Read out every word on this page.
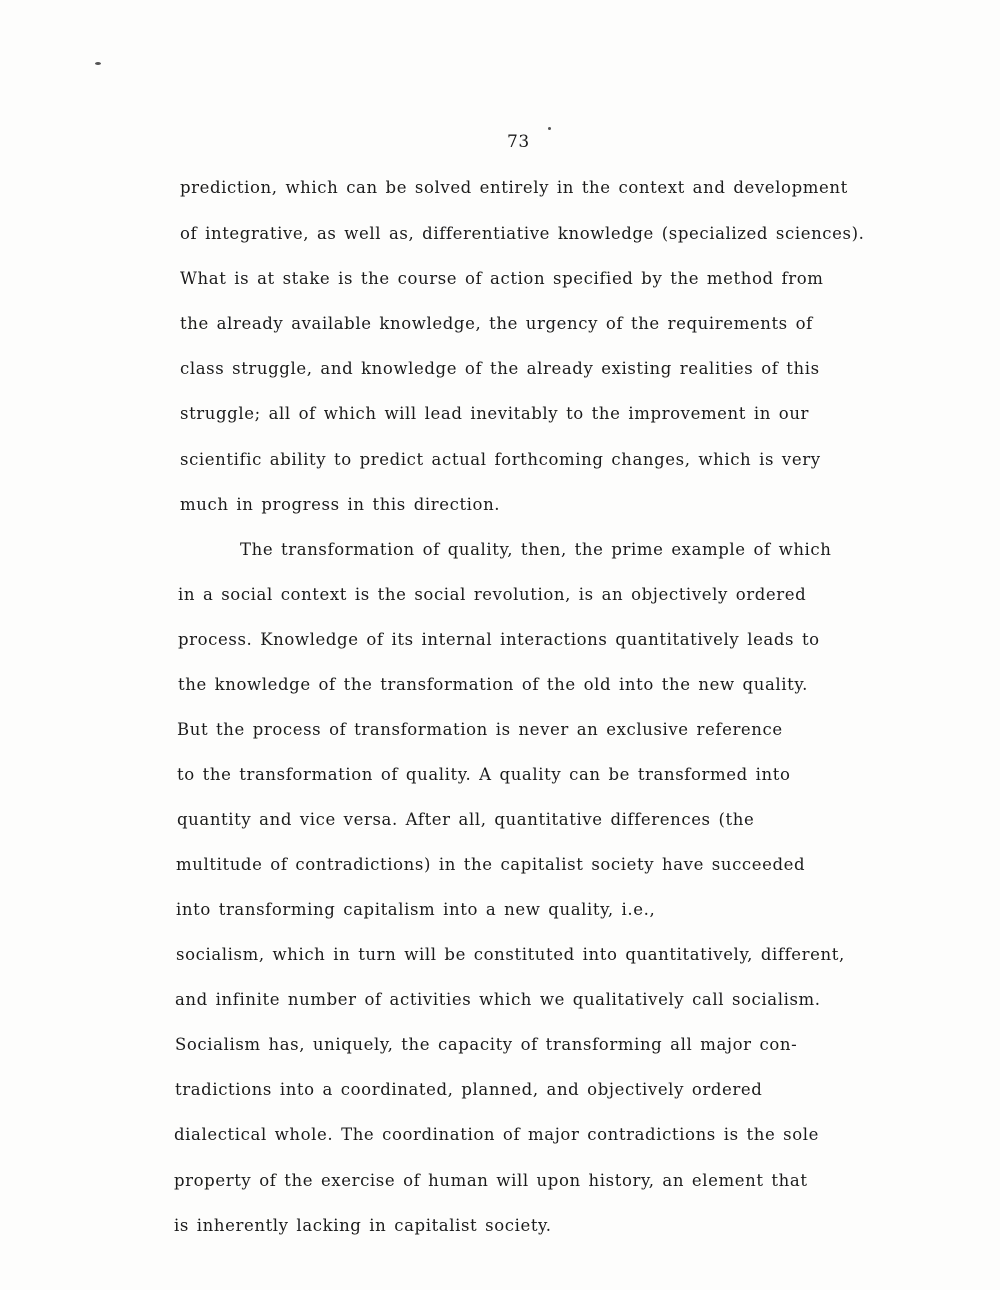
73
prediction, which can be solved entirely in the context and development
of integrative, as well as, differentiative knowledge (specialized sciences).
What is at stake is the course of action specified by the method from
the already available knowledge, the urgency of the requirements of
class struggle, and knowledge of the already existing realities of this
struggle; all of which will lead inevitably to the improvement in our
scientific ability to predict actual forthcoming changes, which is very
much in progress in this direction.
The transformation of quality, then, the prime example of which
in a social context is the social revolution, is an objectively ordered
process. Knowledge of its internal interactions quantitatively leads to
the knowledge of the transformation of the old into the new quality.
But the process of transformation is never an exclusive reference
to the transformation of quality. A quality can be transformed into
quantity and vice versa. After all, quantitative differences (the
multitude of contradictions) in the capitalist society have succeeded
into transforming capitalism into a new quality, i.e.,
socialism, which in turn will be constituted into quantitatively, different,
and infinite number of activities which we qualitatively call socialism.
Socialism has, uniquely, the capacity of transforming all major con-
tradictions into a coordinated, planned, and objectively ordered
dialectical whole. The coordination of major contradictions is the sole
property of the exercise of human will upon history, an element that
is inherently lacking in capitalist society.
